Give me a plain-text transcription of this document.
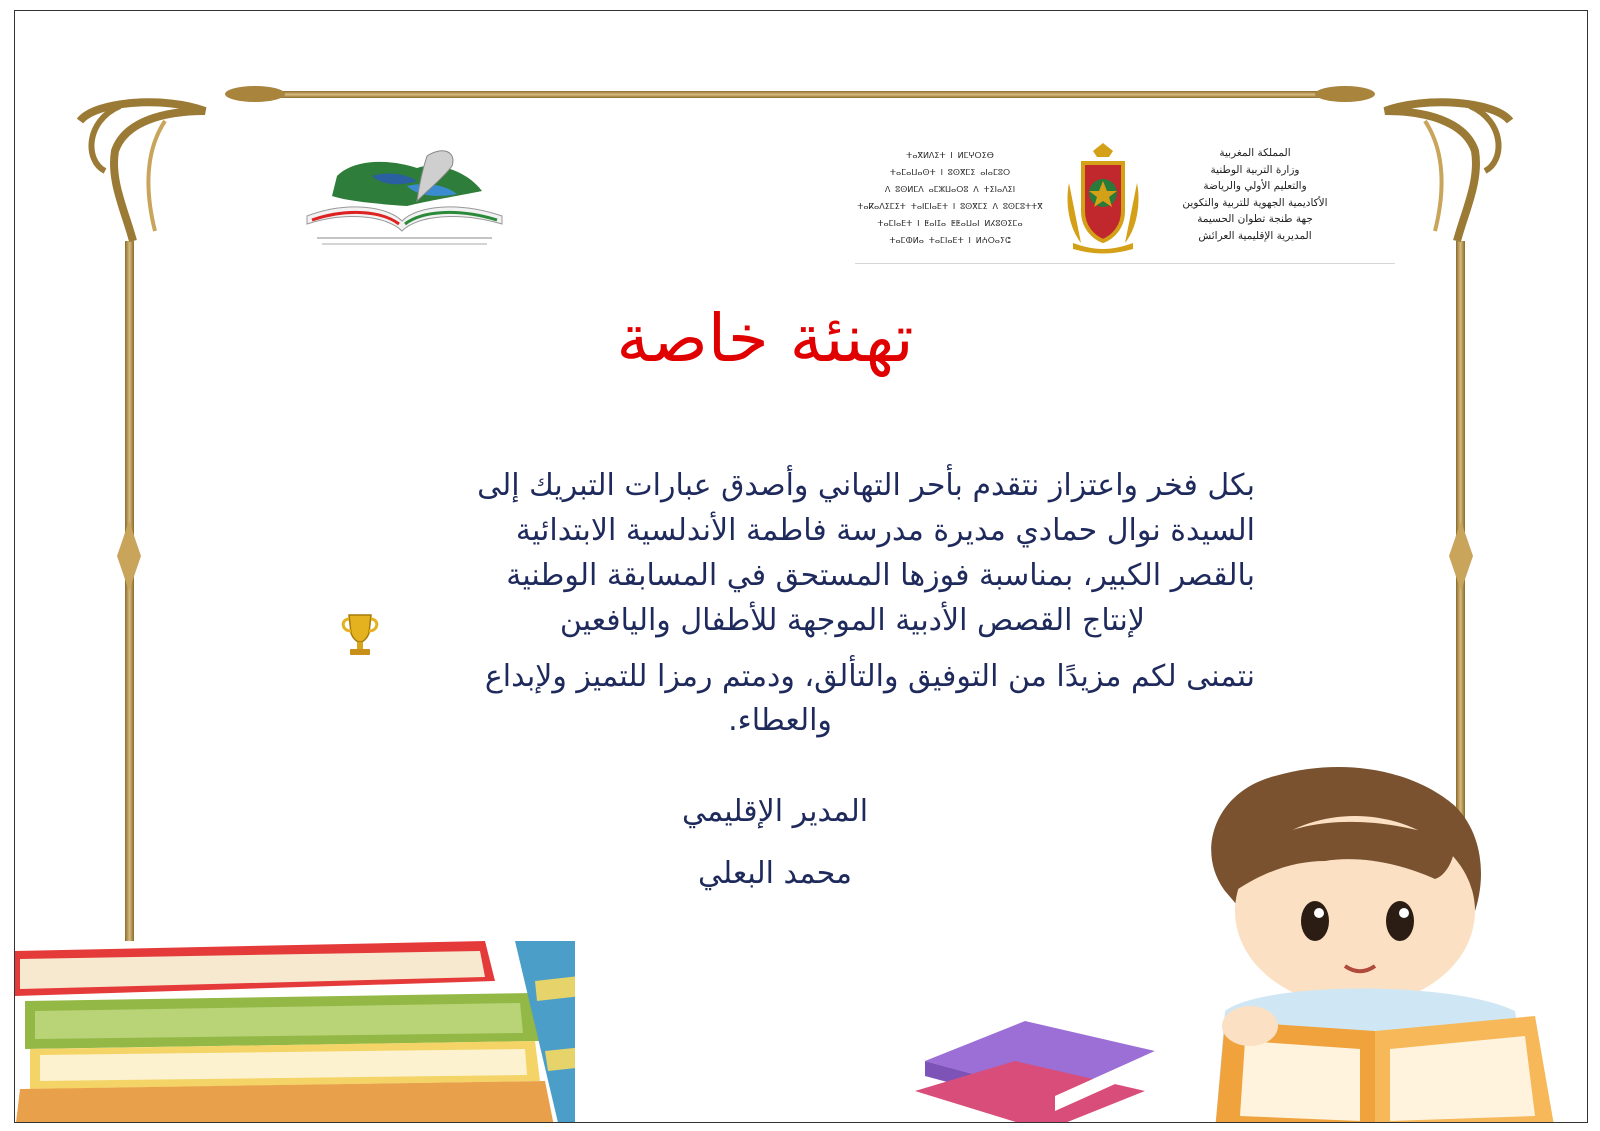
ⵜⴰⴳⵍⴷⵉⵜ ⵏ ⵍⵎⵖⵔⵉⴱ
ⵜⴰⵎⴰⵡⴰⵙⵜ ⵏ ⵓⵙⴳⵎⵉ ⴰⵏⴰⵎⵓⵔ
ⴷ ⵓⵙⵍⵎⴷ ⴰⵎⵣⵡⴰⵔⵓ ⴷ ⵜⵉⵏⴰⴷⵉⵏ
ⵜⴰⴽⴰⴷⵉⵎⵉⵜ ⵜⴰⵏⵎⵏⴰⴹⵜ ⵏ ⵓⵙⴳⵎⵉ ⴷ ⵓⵙⵎⵓⵜⵜⴳ
ⵜⴰⵎⵏⴰⴹⵜ ⵏ ⵟⴰⵏⵊⴰ ⵟⵟⴰⵡⴰⵏ ⵍⵃⵓⵙⵉⵎⴰ
ⵜⴰⵎⵀⵍⴰ ⵜⴰⵎⵏⴰⴹⵜ ⵏ ⵍⵄⵔⴰⵢⵛ
المملكة المغربية
وزارة التربية الوطنية
والتعليم الأولي والرياضة
الأكاديمية الجهوية للتربية والتكوين
جهة طنجة تطوان الحسيمة
المديرية الإقليمية العرائش
تهنئة خاصة

بكل فخر واعتزاز نتقدم بأحر التهاني وأصدق عبارات التبريك إلى
السيدة نوال حمادي مديرة مدرسة فاطمة الأندلسية الابتدائية
بالقصر الكبير، بمناسبة فوزها المستحق في المسابقة الوطنية
لإنتاج القصص الأدبية الموجهة للأطفال واليافعين

نتمنى لكم مزيدًا من التوفيق والتألق، ودمتم رمزا للتميز ولإبداع
والعطاء.

المدير الإقليمي
محمد البعلي
